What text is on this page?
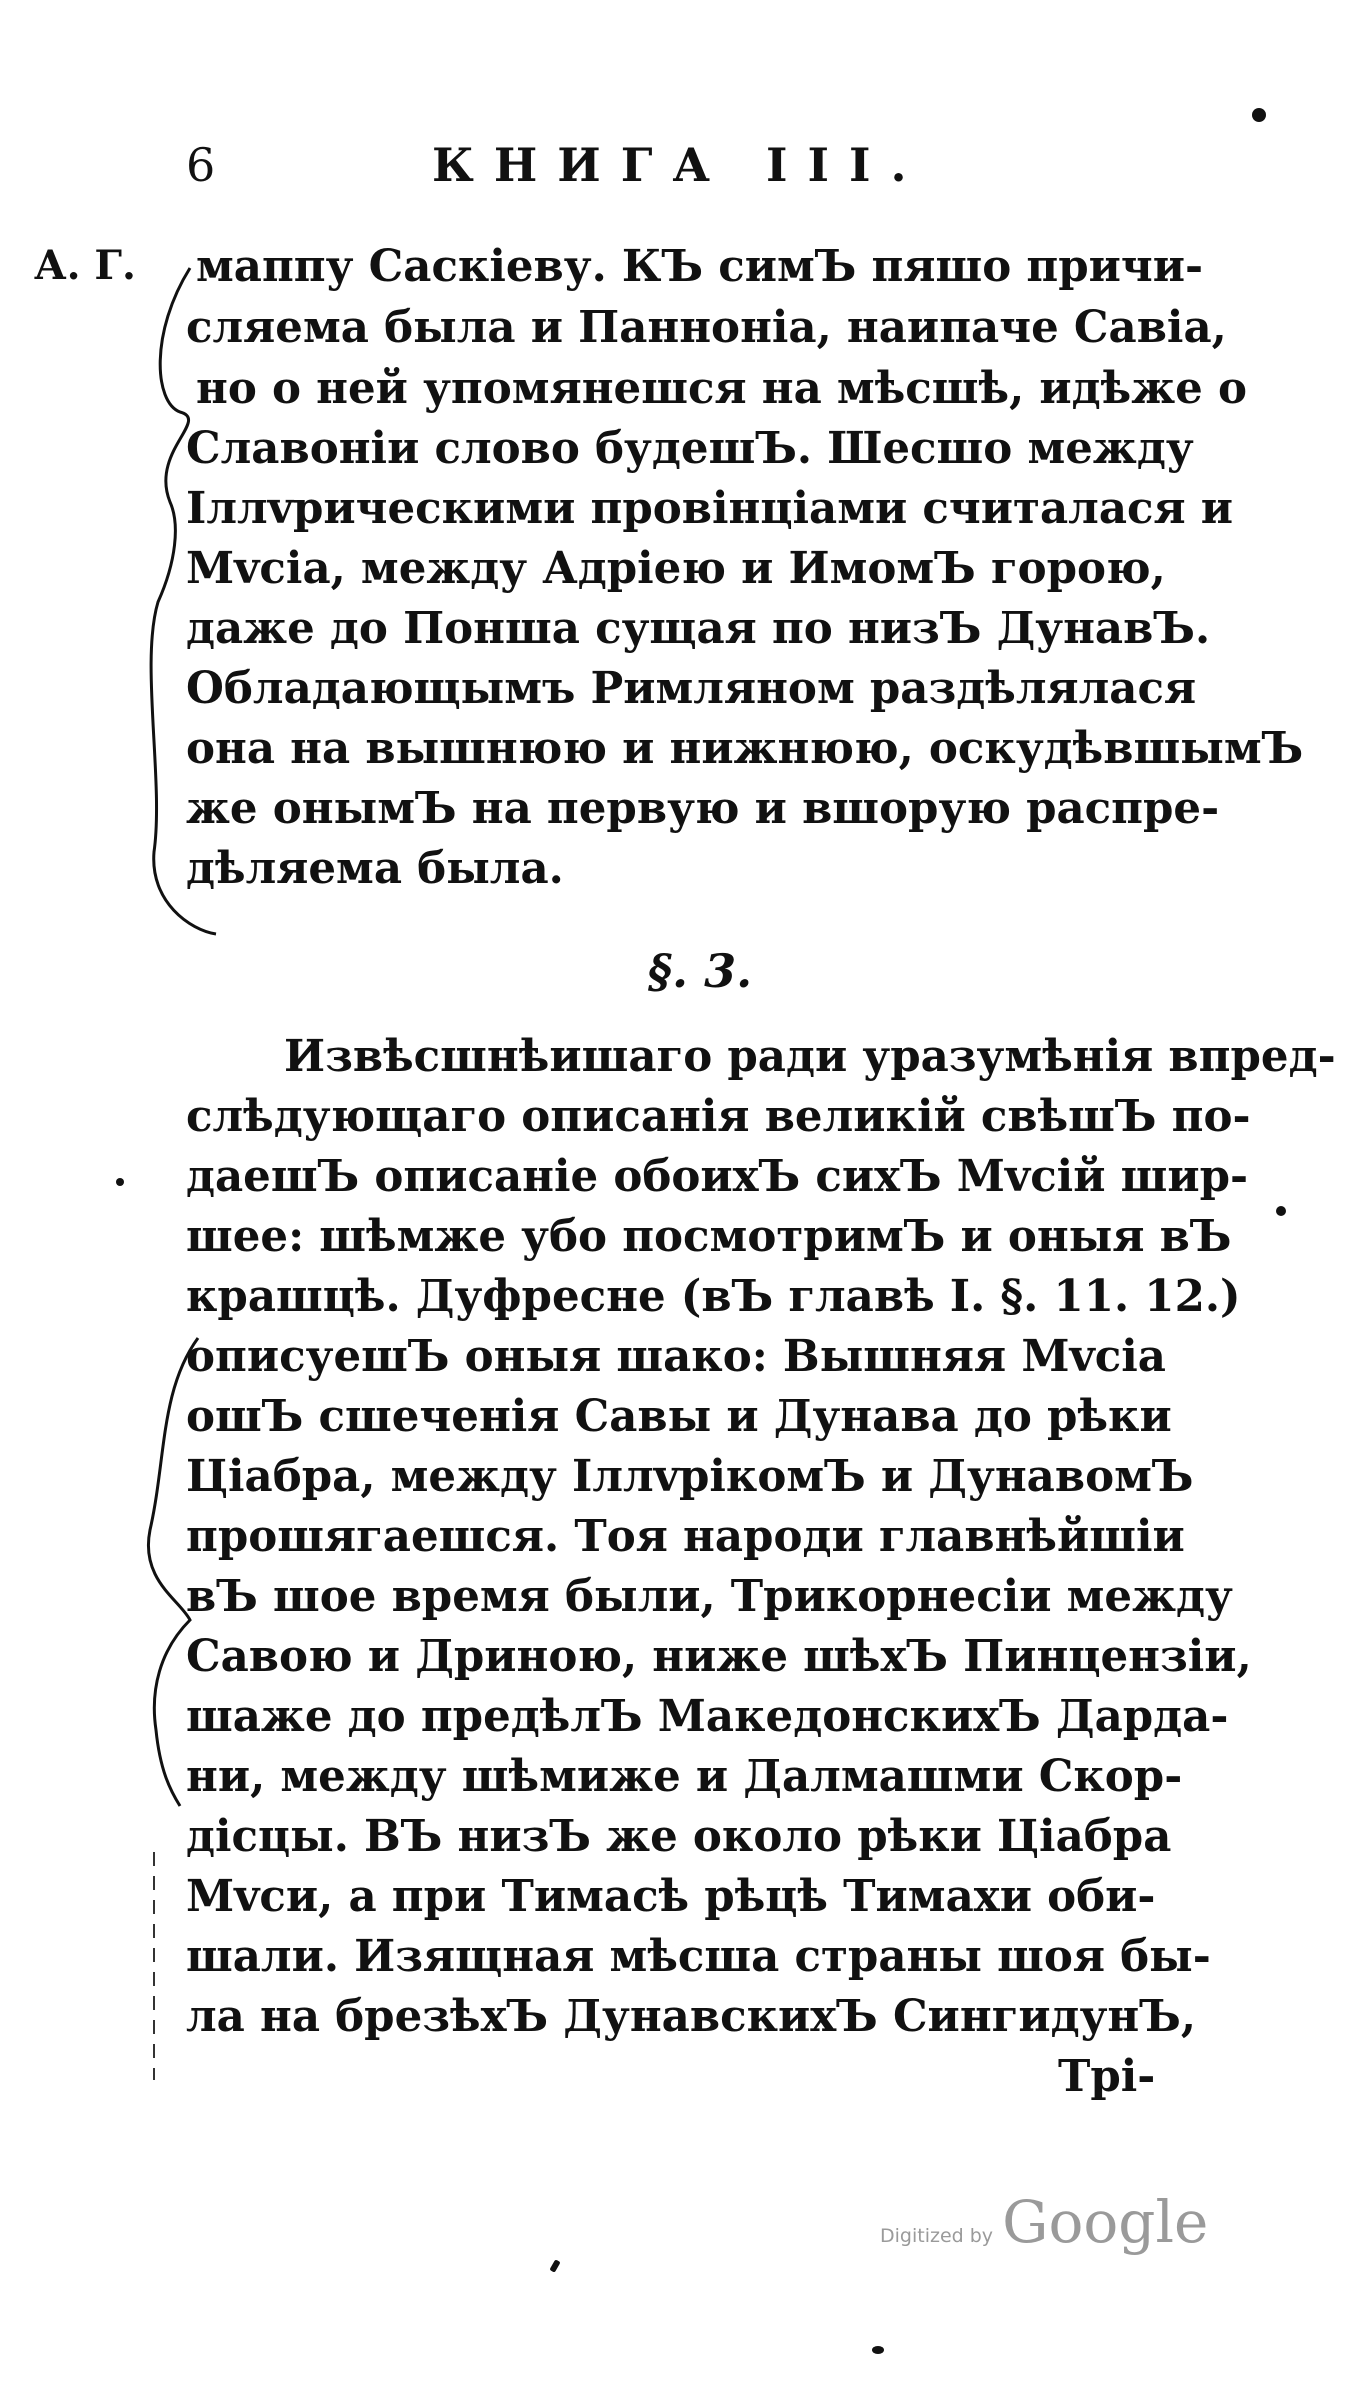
6	КНИГА III.
А. Г. маппу Саскіеву. КЪ симЪ пяшо причи-
сляема была и Панноніа, наипаче Савіа,
но о ней упомянешся на мѣсшѣ, идѣже о
Славоніи слово будешЪ. Шесшо между
Іллvрическими провінціами считалася и
Мvсіа, между Адріею и ИмомЪ горою,
даже до Понша сущая по низЪ ДунавЪ.
Обладающымъ Римляном раздѣлялася
она на вышнюю и нижнюю, оскудѣвшымЪ
же онымЪ на первую и вшорую распре-
дѣляема была.
§. 3.
Извѣсшнѣишаго ради уразумѣнія впред-
слѣдующаго описанія великій свѣшЪ по-
даешЪ описаніе обоихЪ сихЪ Мvсій шир-
шее: шѣмже убо посмотримЪ и оныя вЪ
крашцѣ. Дуфресне (вЪ главѣ I. §. 11. 12.)
описуешЪ оныя шако: Вышняя Мvсіа
ошЪ сшеченія Савы и Дунава до рѣки
Ціабра, между ІллvрікомЪ и ДунавомЪ
прошягаешся. Тоя народи главнѣйшіи
вЪ шое время были, Трикорнесіи между
Савою и Дриною, ниже шѣхЪ Пинцензіи,
шаже до предѣлЪ МакедонскихЪ Дарда-
ни, между шѣмиже и Далмашми Скор-
дісцы. ВЪ низЪ же около рѣки Ціабра
Мvси, а при Тимасѣ рѣцѣ Тимахи оби-
шали. Изящная мѣсша страны шоя бы-
ла на брезѣхЪ ДунавскихЪ СингидунЪ,
Трі-
Digitized by Google
